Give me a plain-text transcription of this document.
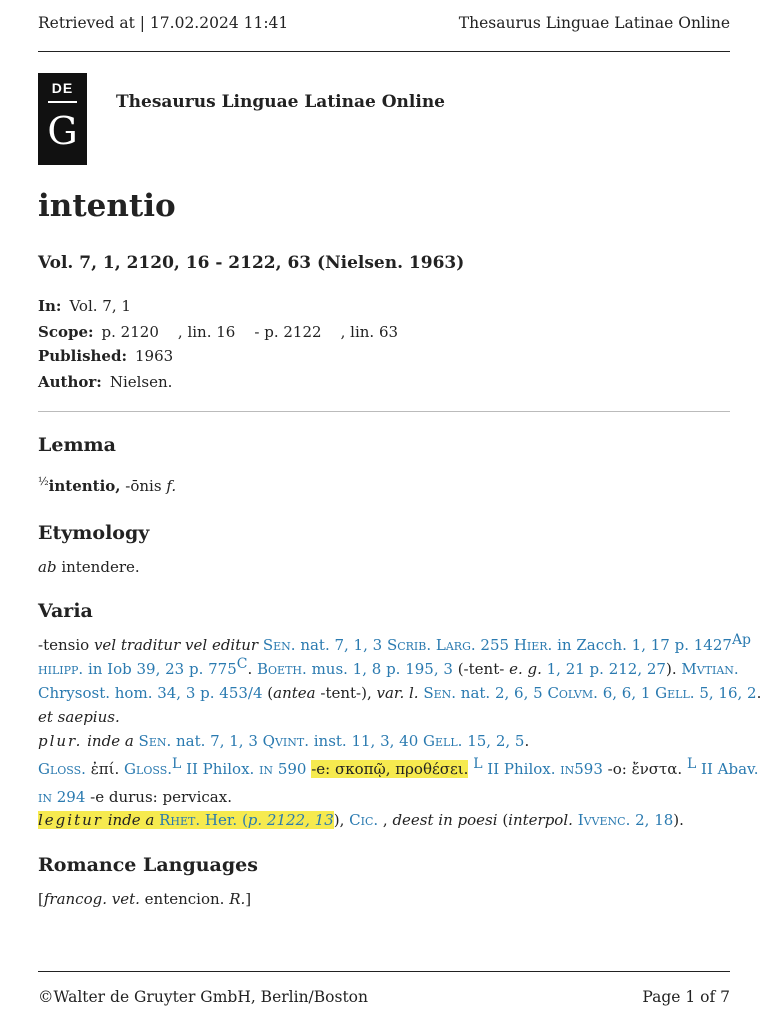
Retrieved at | 17.02.2024 11:41	Thesaurus Linguae Latinae Online
DE
G
Thesaurus Linguae Latinae Online
intentio
Vol. 7, 1, 2120, 16 - 2122, 63 (Nielsen. 1963)
In: Vol. 7, 1
Scope: p. 2120    , lin. 16    - p. 2122    , lin. 63
Published: 1963
Author: Nielsen.
Lemma
$^{\frac{1}{2}}$intentio, -ōnis f.
Etymology
ab intendere.
Varia
-tensio vel traditur vel editur Sen. nat. 7, 1, 3 Scrib. Larg. 255 Hier. in Zacch. 1, 17 p. 1427Ap
hilipp. in Iob 39, 23 p. 775C. Boeth. mus. 1, 8 p. 195, 3 (-tent- e. g. 1, 21 p. 212, 27). Mvtian.
Chrysost. hom. 34, 3 p. 453/4 (antea -tent-), var. l. Sen. nat. 2, 6, 5 Colvm. 6, 6, 1 Gell. 5, 16, 2.
et saepius.
plur. inde a Sen. nat. 7, 1, 3 Qvint. inst. 11, 3, 40 Gell. 15, 2, 5.
Gloss. ἐπί. Gloss.L II Philox. in 590 -e: σκοπῷ, προθέσει. L II Philox. in593 -o: ἔνστα. L II Abav.
in 294 -e durus: pervicax.
legitur inde a Rhet. Her. (p. 2122, 13), Cic. , deest in poesi (interpol. Ivvenc. 2, 18).
Romance Languages
[francog. vet. entencion. R.]
©Walter de Gruyter GmbH, Berlin/Boston	Page 1 of 7
